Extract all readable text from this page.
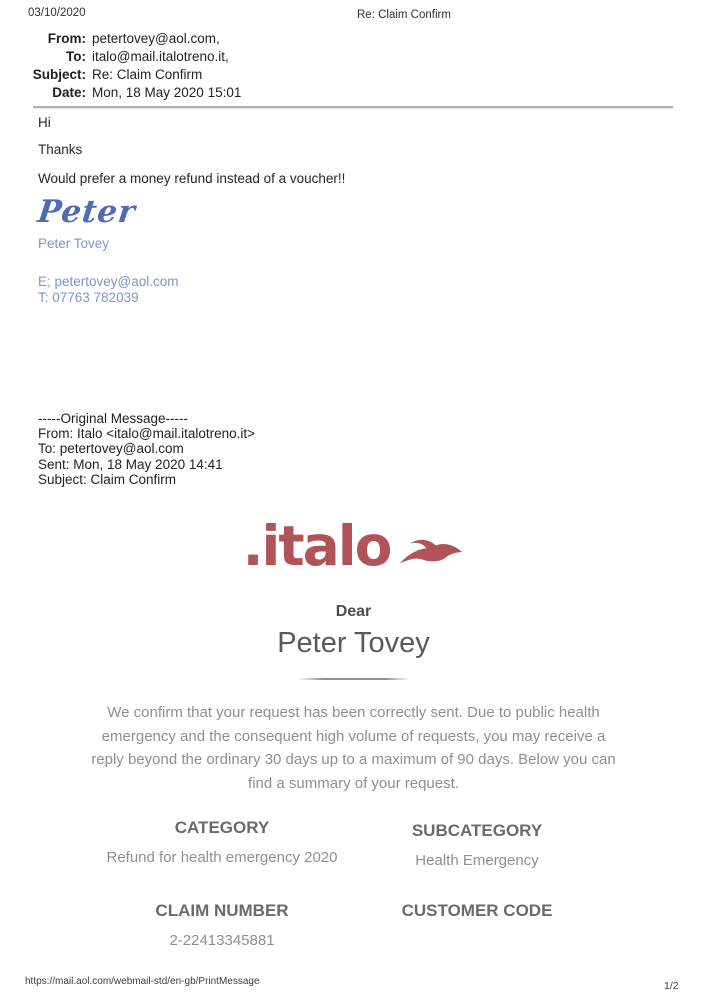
03/10/2020	Re: Claim Confirm
From: petertovey@aol.com,
To: italo@mail.italotreno.it,
Subject: Re: Claim Confirm
Date: Mon, 18 May 2020 15:01
Hi
Thanks
Would prefer a money refund instead of a voucher!!
Peter
Peter Tovey
E; petertovey@aol.com
T: 07763 782039
-----Original Message-----
From: Italo <italo@mail.italotreno.it>
To: petertovey@aol.com
Sent: Mon, 18 May 2020 14:41
Subject: Claim Confirm
.italo
Dear
Peter Tovey
We confirm that your request has been correctly sent. Due to public health emergency and the consequent high volume of requests, you may receive a reply beyond the ordinary 30 days up to a maximum of 90 days. Below you can find a summary of your request.
CATEGORY
Refund for health emergency 2020
SUBCATEGORY
Health Emergency
CLAIM NUMBER
2-22413345881
CUSTOMER CODE
https://mail.aol.com/webmail-std/en-gb/PrintMessage	1/2
